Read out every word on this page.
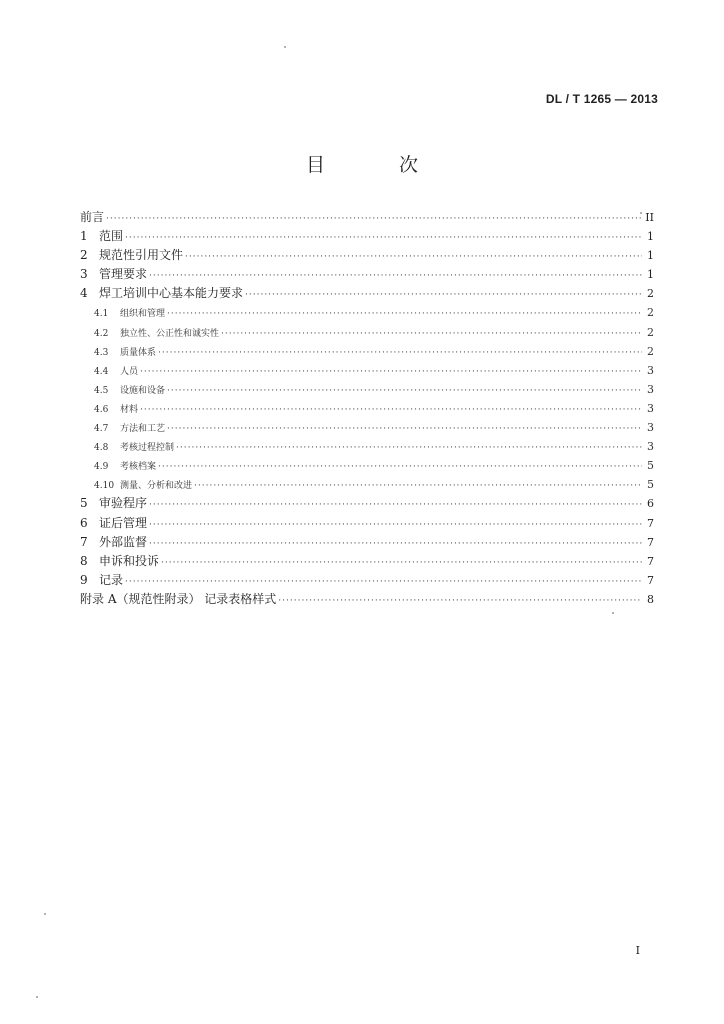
DL / T 1265 — 2013
目 次
前言 ·····	II
1 范围 ·····	1
2 规范性引用文件 ·····	1
3 管理要求 ·····	1
4 焊工培训中心基本能力要求 ·····	2
4.1	组织和管理 ·····	2
4.2	独立性、公正性和诚实性 ·····	2
4.3	质量体系 ·····	2
4.4	人员 ·····	3
4.5	设施和设备 ·····	3
4.6	材料 ·····	3
4.7	方法和工艺 ·····	3
4.8	考核过程控制 ·····	3
4.9	考核档案 ·····	5
4.10 测量、分析和改进 ·····	5
5 审验程序 ·····	6
6 证后管理 ·····	7
7 外部监督 ·····	7
8 申诉和投诉 ·····	7
9 记录 ·····	7
附录 A（规范性附录） 记录表格样式 ·····	8
I
